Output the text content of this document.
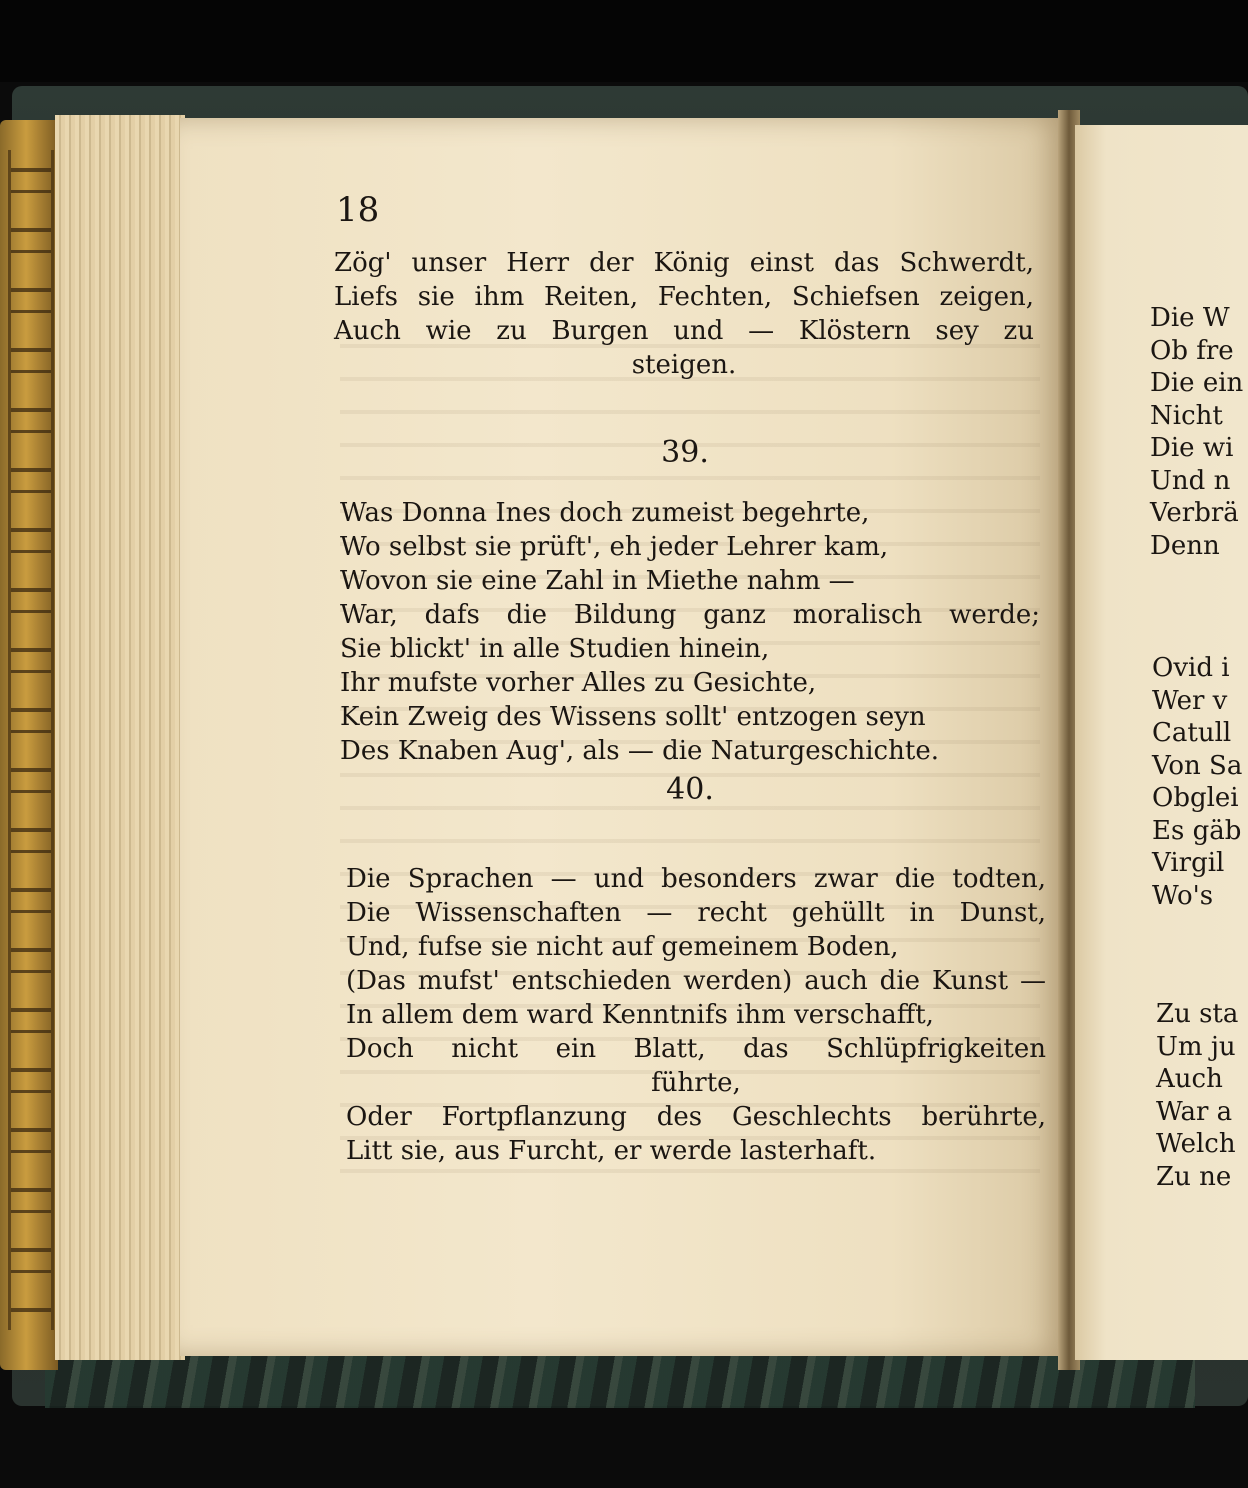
18
Zög' unser Herr der König einst das Schwerdt,
Liefs sie ihm Reiten, Fechten, Schiefsen zeigen,
Auch wie zu Burgen und — Klöstern sey zu
steigen.
39.
Was Donna Ines doch zumeist begehrte,
Wo selbst sie prüft', eh jeder Lehrer kam,
Wovon sie eine Zahl in Miethe nahm —
War, dafs die Bildung ganz moralisch werde;
Sie blickt' in alle Studien hinein,
Ihr mufste vorher Alles zu Gesichte,
Kein Zweig des Wissens sollt' entzogen seyn
Des Knaben Aug', als — die Naturgeschichte.
40.
Die Sprachen — und besonders zwar die todten,
Die Wissenschaften — recht gehüllt in Dunst,
Und, fufse sie nicht auf gemeinem Boden,
(Das mufst' entschieden werden) auch die Kunst —
In allem dem ward Kenntnifs ihm verschafft,
Doch nicht ein Blatt, das Schlüpfrigkeiten
führte,
Oder Fortpflanzung des Geschlechts berührte,
Litt sie, aus Furcht, er werde lasterhaft.
Die W
Ob fre
Die ein
Nicht
Die wi
Und n
Verbrä
Denn
Ovid i
Wer v
Catull
Von Sa
Obglei
Es gäb
Virgil
Wo's
Zu sta
Um ju
Auch
War a
Welch
Zu ne
